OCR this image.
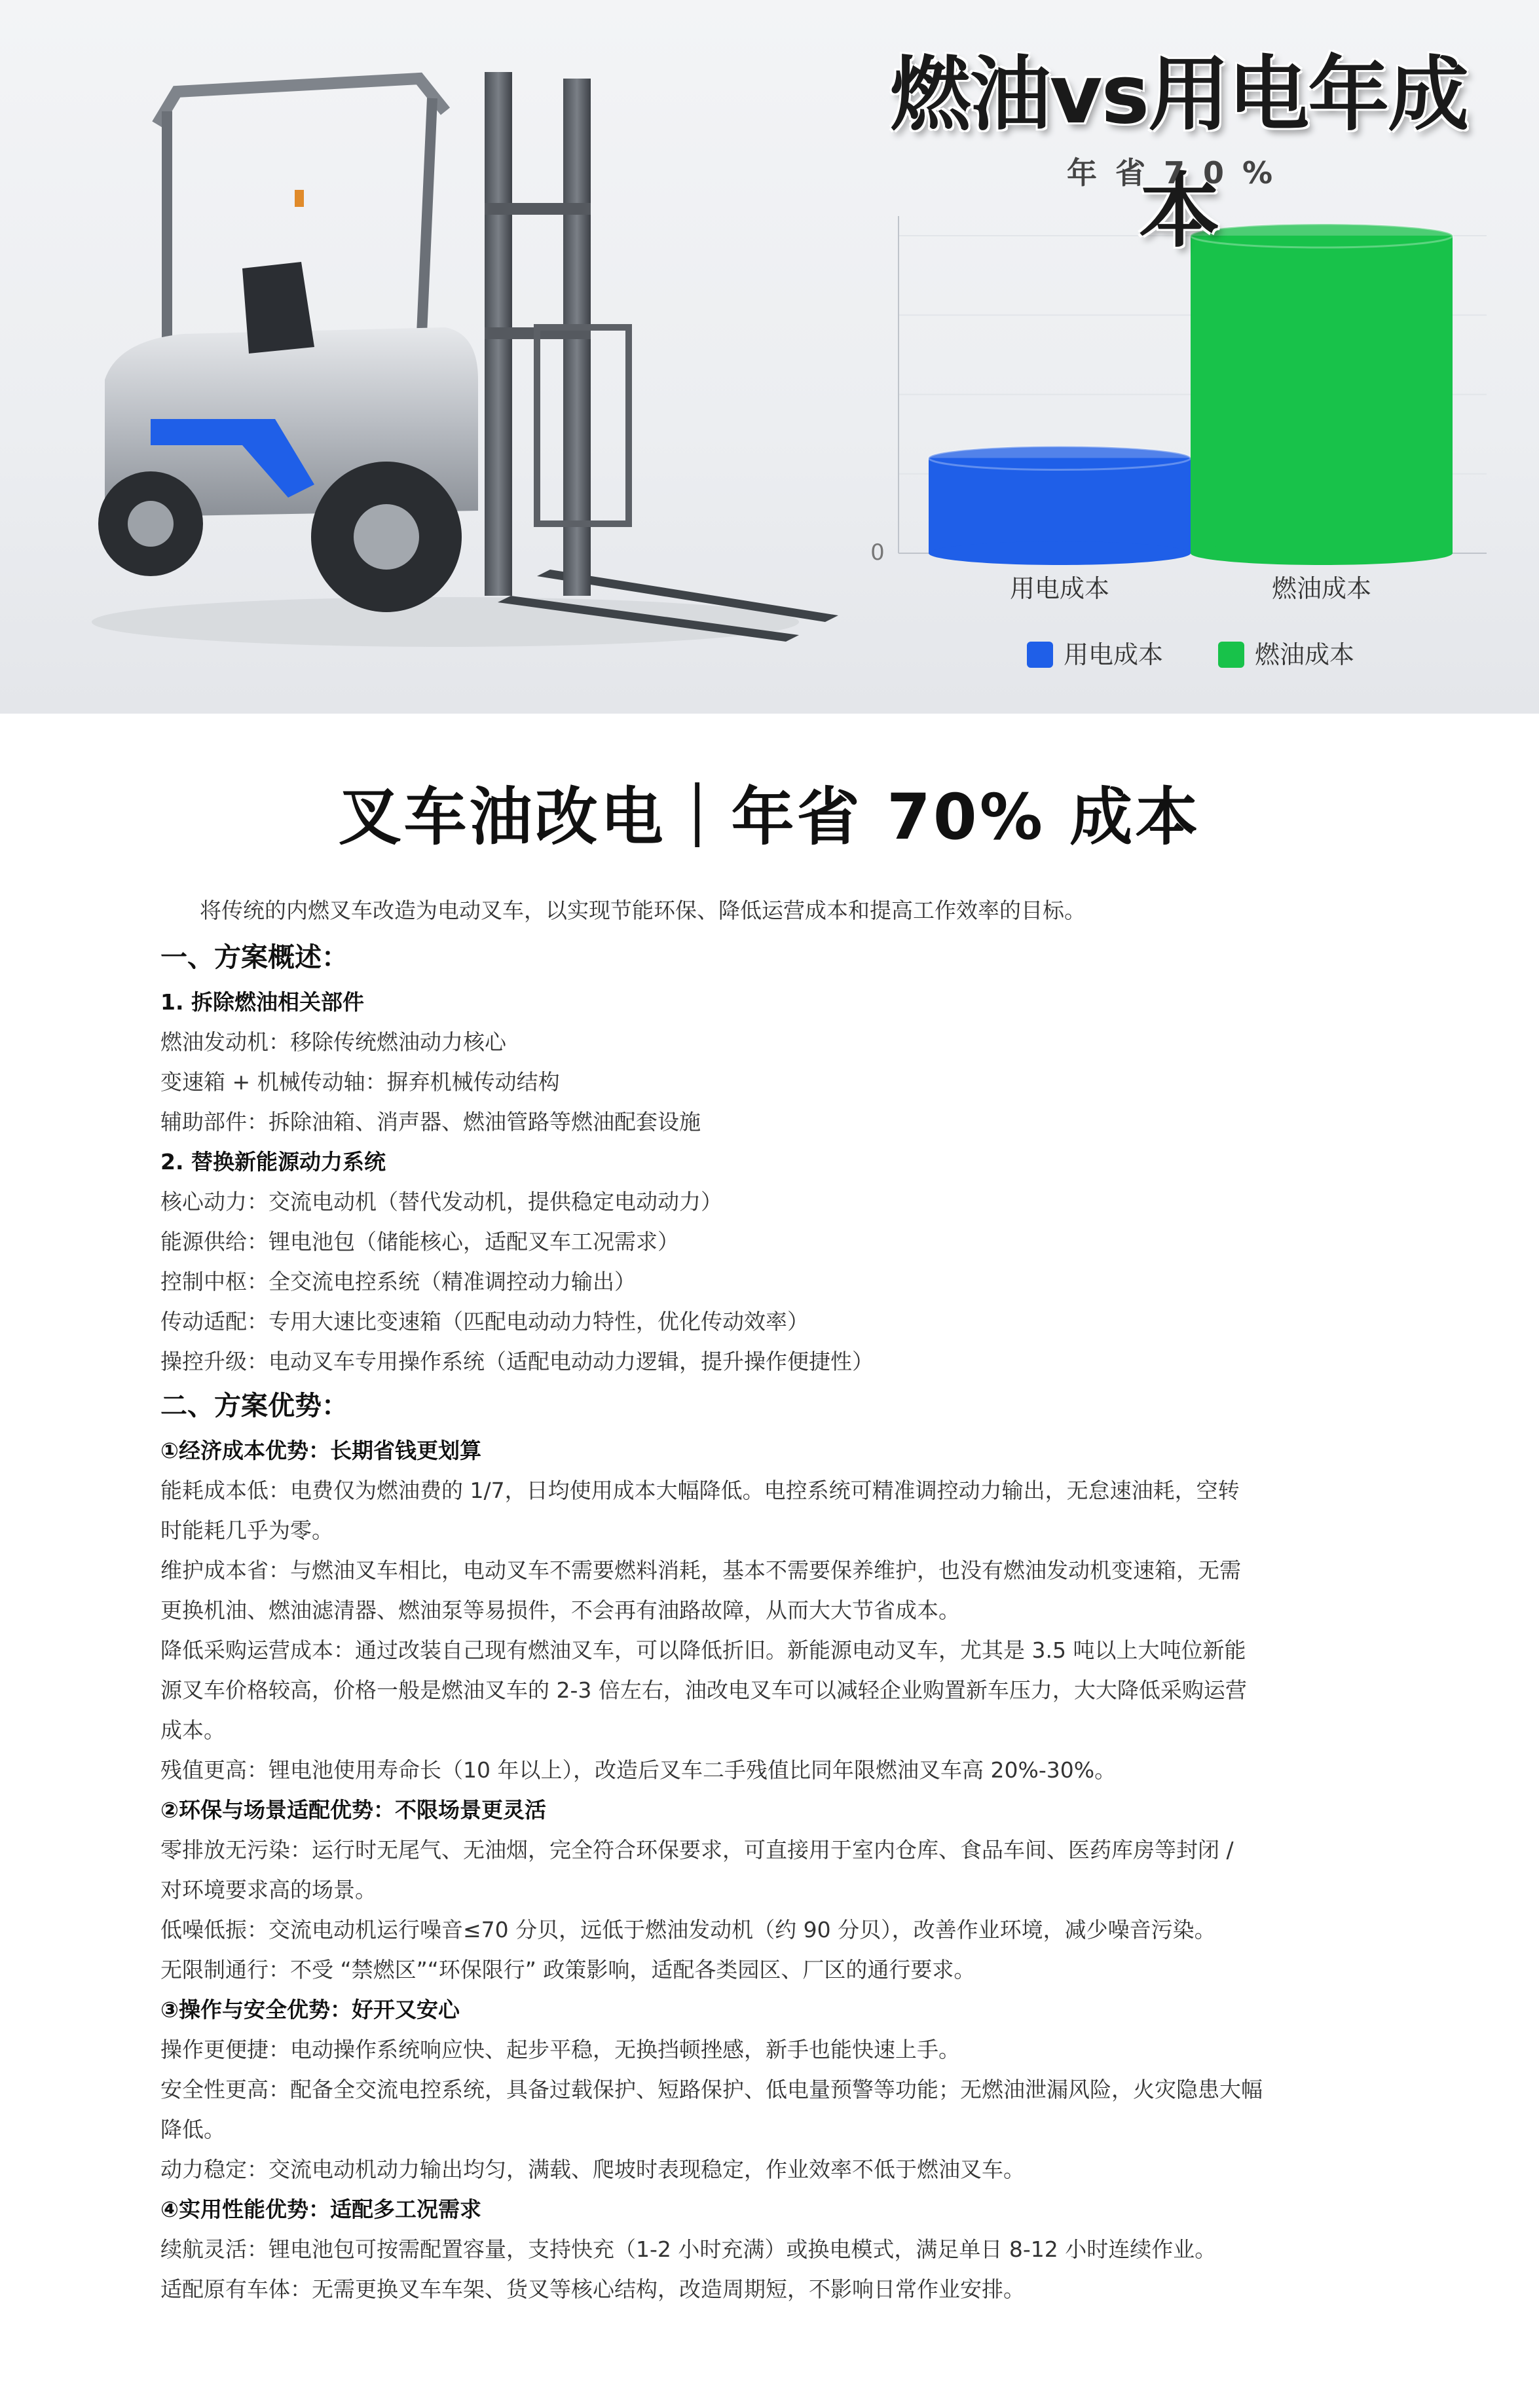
0
用电成本	燃油成本
用电成本	燃油成本
燃油vs用电年成本
年省70%
叉车油改电｜年省 70% 成本

将传统的内燃叉车改造为电动叉车，以实现节能环保、降低运营成本和提高工作效率的目标。

一、方案概述：

1. 拆除燃油相关部件

燃油发动机：移除传统燃油动力核心

变速箱 + 机械传动轴：摒弃机械传动结构

辅助部件：拆除油箱、消声器、燃油管路等燃油配套设施

2. 替换新能源动力系统

核心动力：交流电动机（替代发动机，提供稳定电动动力）

能源供给：锂电池包（储能核心，适配叉车工况需求）

控制中枢：全交流电控系统（精准调控动力输出）

传动适配：专用大速比变速箱（匹配电动动力特性，优化传动效率）

操控升级：电动叉车专用操作系统（适配电动动力逻辑，提升操作便捷性）

二、方案优势：

①经济成本优势：长期省钱更划算

能耗成本低：电费仅为燃油费的 1/7，日均使用成本大幅降低。电控系统可精准调控动力输出，无怠速油耗，空转

时能耗几乎为零。

维护成本省：与燃油叉车相比，电动叉车不需要燃料消耗，基本不需要保养维护，也没有燃油发动机变速箱，无需

更换机油、燃油滤清器、燃油泵等易损件，不会再有油路故障，从而大大节省成本。

降低采购运营成本：通过改装自己现有燃油叉车，可以降低折旧。新能源电动叉车，尤其是 3.5 吨以上大吨位新能

源叉车价格较高，价格一般是燃油叉车的 2-3 倍左右，油改电叉车可以减轻企业购置新车压力，大大降低采购运营

成本。

残值更高：锂电池使用寿命长（10 年以上），改造后叉车二手残值比同年限燃油叉车高 20%-30%。

②环保与场景适配优势：不限场景更灵活

零排放无污染：运行时无尾气、无油烟，完全符合环保要求，可直接用于室内仓库、食品车间、医药库房等封闭 /

对环境要求高的场景。

低噪低振：交流电动机运行噪音≤70 分贝，远低于燃油发动机（约 90 分贝），改善作业环境，减少噪音污染。

无限制通行：不受 “禁燃区”“环保限行” 政策影响，适配各类园区、厂区的通行要求。

③操作与安全优势：好开又安心

操作更便捷：电动操作系统响应快、起步平稳，无换挡顿挫感，新手也能快速上手。

安全性更高：配备全交流电控系统，具备过载保护、短路保护、低电量预警等功能；无燃油泄漏风险，火灾隐患大幅

降低。

动力稳定：交流电动机动力输出均匀，满载、爬坡时表现稳定，作业效率不低于燃油叉车。

④实用性能优势：适配多工况需求

续航灵活：锂电池包可按需配置容量，支持快充（1-2 小时充满）或换电模式，满足单日 8-12 小时连续作业。

适配原有车体：无需更换叉车车架、货叉等核心结构，改造周期短，不影响日常作业安排。
